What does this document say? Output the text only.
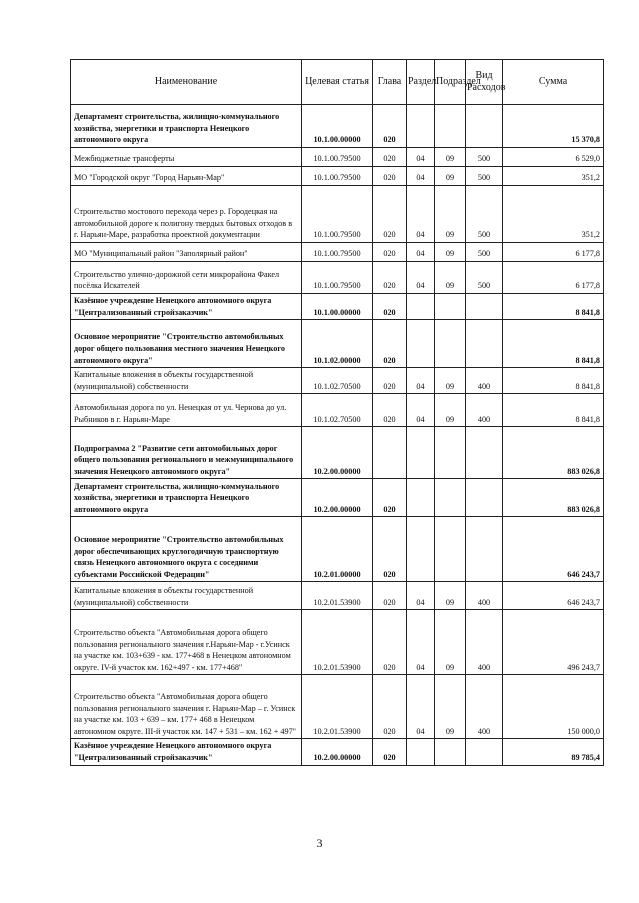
Наименование	Целевая статья	Глава	Раздел	Подраздел	Вид Расходов	Сумма
Департамент строительства, жилищно-коммунального хозяйства, энергетики и транспорта Ненецкого автономного округа	10.1.00.00000	020				15 370,8
Межбюджетные трансферты	10.1.00.79500	020	04	09	500	6 529,0
МО "Городской округ "Город Нарьян-Мар"	10.1.00.79500	020	04	09	500	351,2
Строительство мостового перехода через р. Городецкая на автомобильной дороге к полигону твердых бытовых отходов в г. Нарьян-Маре, разработка проектной документации	10.1.00.79500	020	04	09	500	351,2
МО "Муниципальный район "Заполярный район"	10.1.00.79500	020	04	09	500	6 177,8
Строительство улично-дорожной сети микрорайона Факел посёлка Искателей	10.1.00.79500	020	04	09	500	6 177,8
Казённое учреждение Ненецкого автономного округа "Централизованный стройзаказчик"	10.1.00.00000	020				8 841,8
Основное мероприятие "Строительство автомобильных дорог общего пользования местного значения Ненецкого автономного округа"	10.1.02.00000	020				8 841,8
Капитальные вложения в объекты государственной (муниципальной) собственности	10.1.02.70500	020	04	09	400	8 841,8
Автомобильная дорога по ул. Ненецкая от ул. Чернова до ул. Рыбников в г. Нарьян-Маре	10.1.02.70500	020	04	09	400	8 841,8
Подпрограмма 2 "Развитие сети автомобильных дорог общего пользования регионального и межмуниципального значения Ненецкого автономного округа"	10.2.00.00000					883 026,8
Департамент строительства, жилищно-коммунального хозяйства, энергетики и транспорта Ненецкого автономного округа	10.2.00.00000	020				883 026,8
Основное мероприятие "Строительство автомобильных дорог обеспечивающих круглогодичную транспортную связь Ненецкого автономного округа с соседними субъектами Российской Федерации"	10.2.01.00000	020				646 243,7
Капитальные вложения в объекты государственной (муниципальной) собственности	10.2.01.53900	020	04	09	400	646 243,7
Строительство объекта "Автомобильная дорога общего пользования регионального значения г.Нарьян-Мар - г.Усинск на участке км. 103+639 - км. 177+468 в Ненецком автономном округе. IV-й участок км. 162+497 - км. 177+468"	10.2.01.53900	020	04	09	400	496 243,7
Строительство объекта "Автомобильная дорога общего пользования регионального значения г. Нарьян-Мар – г. Усинск на участке км. 103 + 639 – км. 177+ 468 в Ненецком автономном округе. III-й участок км. 147 + 531 – км. 162 + 497"	10.2.01.53900	020	04	09	400	150 000,0
Казённое учреждение Ненецкого автономного округа "Централизованный стройзаказчик"	10.2.00.00000	020				89 785,4
3
